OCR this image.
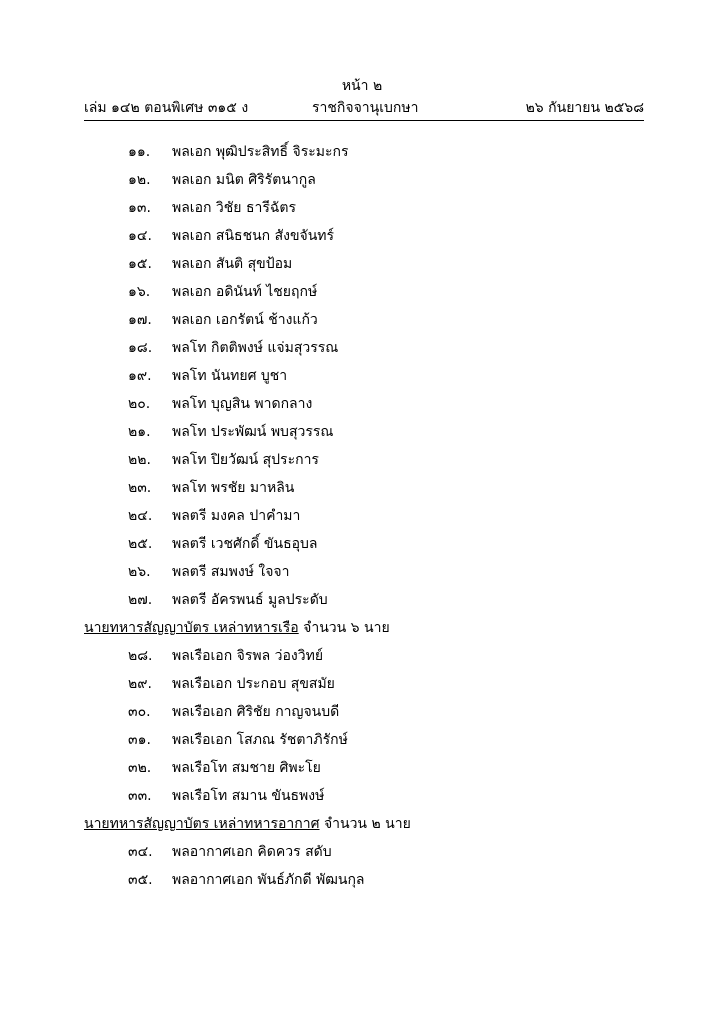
หน้า ๒
เล่ม ๑๔๒ ตอนพิเศษ ๓๑๕ ง	ราชกิจจานุเบกษา	๒๖ กันยายน ๒๕๖๘
๑๑. พลเอก พุฒิประสิทธิ์ จิระมะกร
๑๒. พลเอก มนิต ศิริรัตนากูล
๑๓. พลเอก วิชัย ธารีฉัตร
๑๔. พลเอก สนิธชนก สังขจันทร์
๑๕. พลเอก สันติ สุขป้อม
๑๖. พลเอก อดินันท์ ไชยฤกษ์
๑๗. พลเอก เอกรัตน์ ช้างแก้ว
๑๘. พลโท กิตติพงษ์ แจ่มสุวรรณ
๑๙. พลโท นันทยศ บูชา
๒๐. พลโท บุญสิน พาดกลาง
๒๑. พลโท ประพัฒน์ พบสุวรรณ
๒๒. พลโท ปิยวัฒน์ สุประการ
๒๓. พลโท พรชัย มาหลิน
๒๔. พลตรี มงคล ปาคำมา
๒๕. พลตรี เวชศักดิ์ ขันธอุบล
๒๖. พลตรี สมพงษ์ ใจจา
๒๗. พลตรี อัครพนธ์ มูลประดับ
นายทหารสัญญาบัตร เหล่าทหารเรือ จำนวน ๖ นาย
๒๘. พลเรือเอก จิรพล ว่องวิทย์
๒๙. พลเรือเอก ประกอบ สุขสมัย
๓๐. พลเรือเอก ศิริชัย กาญจนบดี
๓๑. พลเรือเอก โสภณ รัชตาภิรักษ์
๓๒. พลเรือโท สมชาย ศิพะโย
๓๓. พลเรือโท สมาน ขันธพงษ์
นายทหารสัญญาบัตร เหล่าทหารอากาศ จำนวน ๒ นาย
๓๔. พลอากาศเอก คิดควร สดับ
๓๕. พลอากาศเอก พันธ์ภักดี พัฒนกุล
